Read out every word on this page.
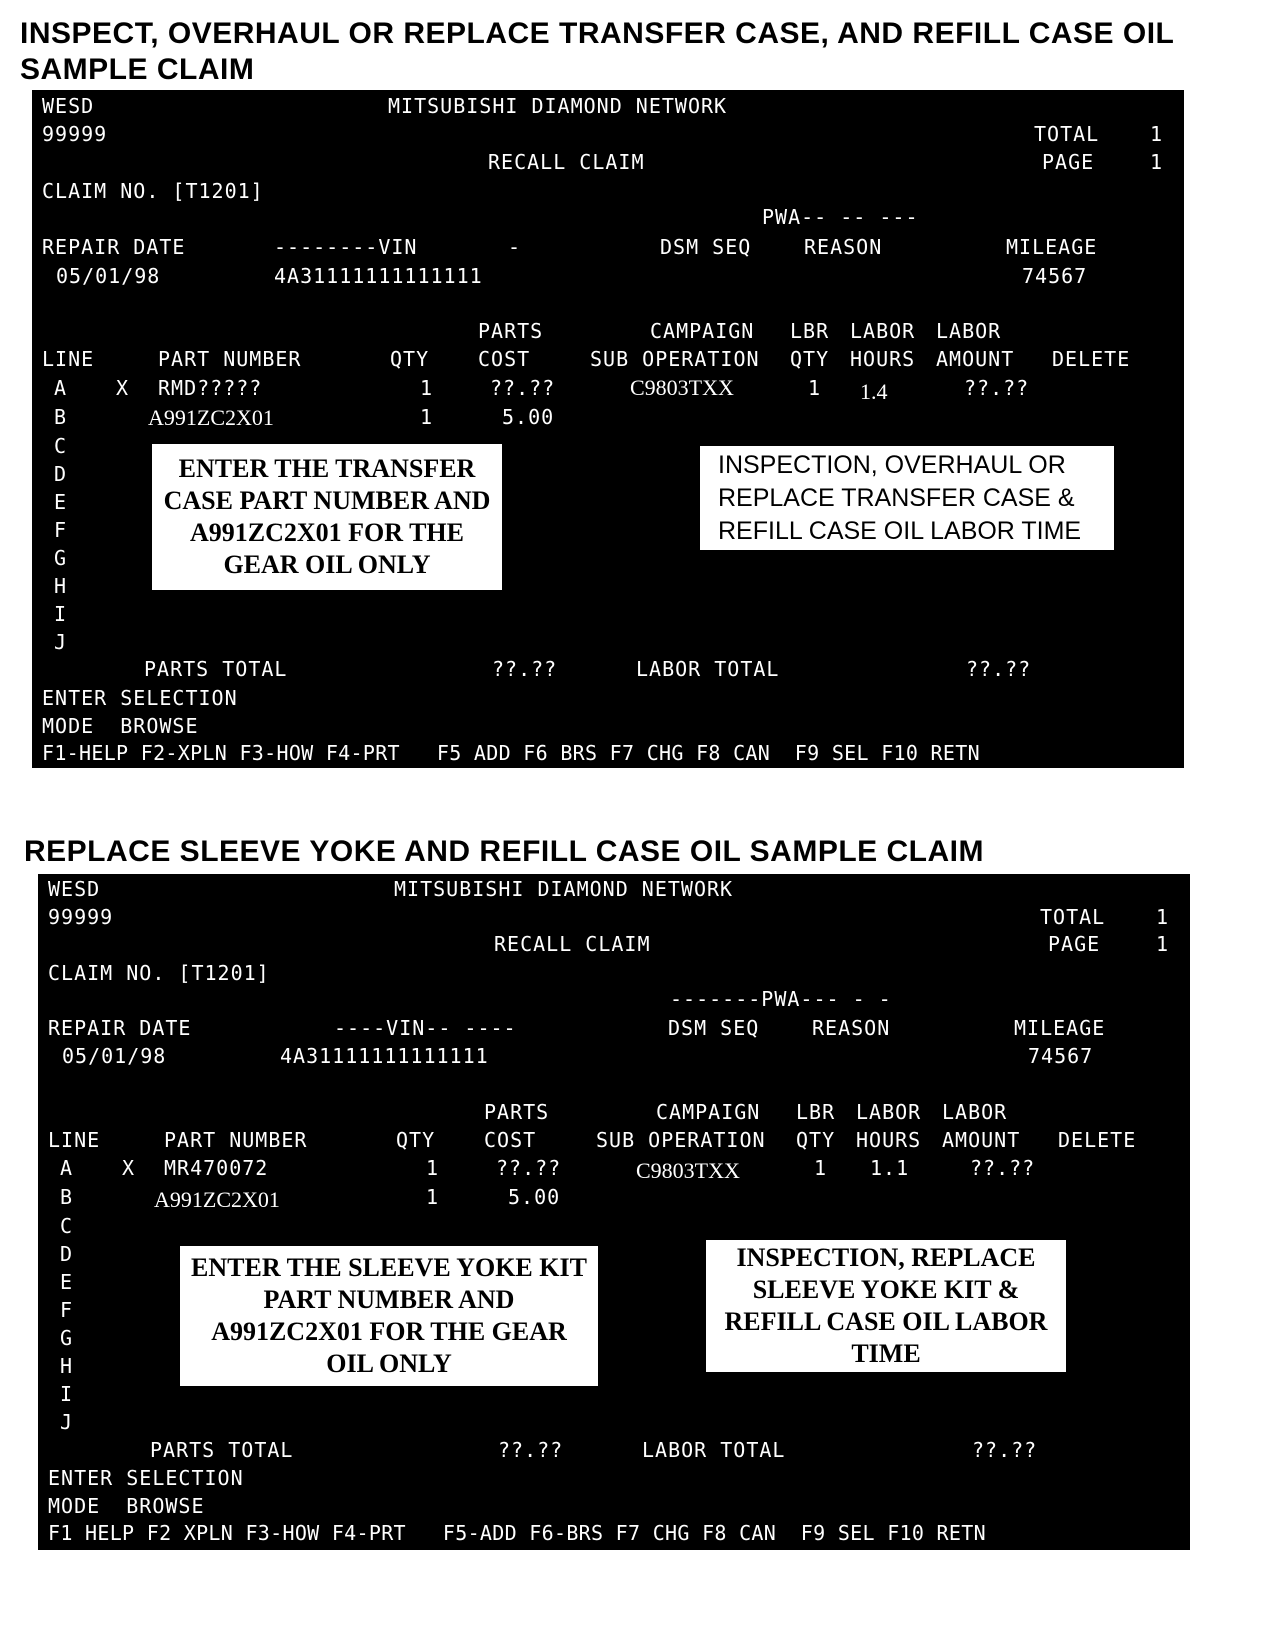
INSPECT, OVERHAUL OR REPLACE TRANSFER CASE, AND REFILL CASE OIL
SAMPLE CLAIM
WESD	MITSUBISHI DIAMOND NETWORK
99999	TOTAL	1
RECALL CLAIM	PAGE	1
CLAIM NO. [T1201]
PWA-- -- ---
REPAIR DATE	--------VIN	-	DSM SEQ	REASON	MILEAGE
05/01/98	4A31111111111111	74567
PARTS	CAMPAIGN LBR LABOR LABOR
LINE	PART NUMBER	QTY COST	SUB OPERATION QTY HOURS AMOUNT DELETE
A X RMD?????	1	??.??	C9803TXX	1 1.4	??.??
B	A991ZC2X01	1	5.00
C
D
E
F
G
H
I
J
ENTER THE TRANSFER
CASE PART NUMBER AND
A991ZC2X01 FOR THE
GEAR OIL ONLY
INSPECTION, OVERHAUL OR
REPLACE TRANSFER CASE &
REFILL CASE OIL LABOR TIME
PARTS TOTAL	??.??	LABOR TOTAL	??.??
ENTER SELECTION
MODE  BROWSE
F1-HELP F2-XPLN F3-HOW F4-PRT   F5 ADD F6 BRS F7 CHG F8 CAN  F9 SEL F10 RETN
REPLACE SLEEVE YOKE AND REFILL CASE OIL SAMPLE CLAIM
WESD	MITSUBISHI DIAMOND NETWORK
99999	TOTAL	1
RECALL CLAIM	PAGE	1
CLAIM NO. [T1201]
-------PWA--- - -
REPAIR DATE	----VIN-- ----	DSM SEQ	REASON	MILEAGE
05/01/98	4A31111111111111	74567
PARTS	CAMPAIGN LBR LABOR LABOR
LINE	PART NUMBER	QTY COST	SUB OPERATION QTY HOURS AMOUNT DELETE
A X MR470072	1	??.??	C9803TXX	1 1.1	??.??
B	A991ZC2X01	1	5.00
C
D
E
F
G
H
I
J
ENTER THE SLEEVE YOKE KIT
PART NUMBER AND
A991ZC2X01 FOR THE GEAR
OIL ONLY
INSPECTION, REPLACE
SLEEVE YOKE KIT &
REFILL CASE OIL LABOR
TIME
PARTS TOTAL	??.??	LABOR TOTAL	??.??
ENTER SELECTION
MODE  BROWSE
F1 HELP F2 XPLN F3-HOW F4-PRT   F5-ADD F6-BRS F7 CHG F8 CAN  F9 SEL F10 RETN
